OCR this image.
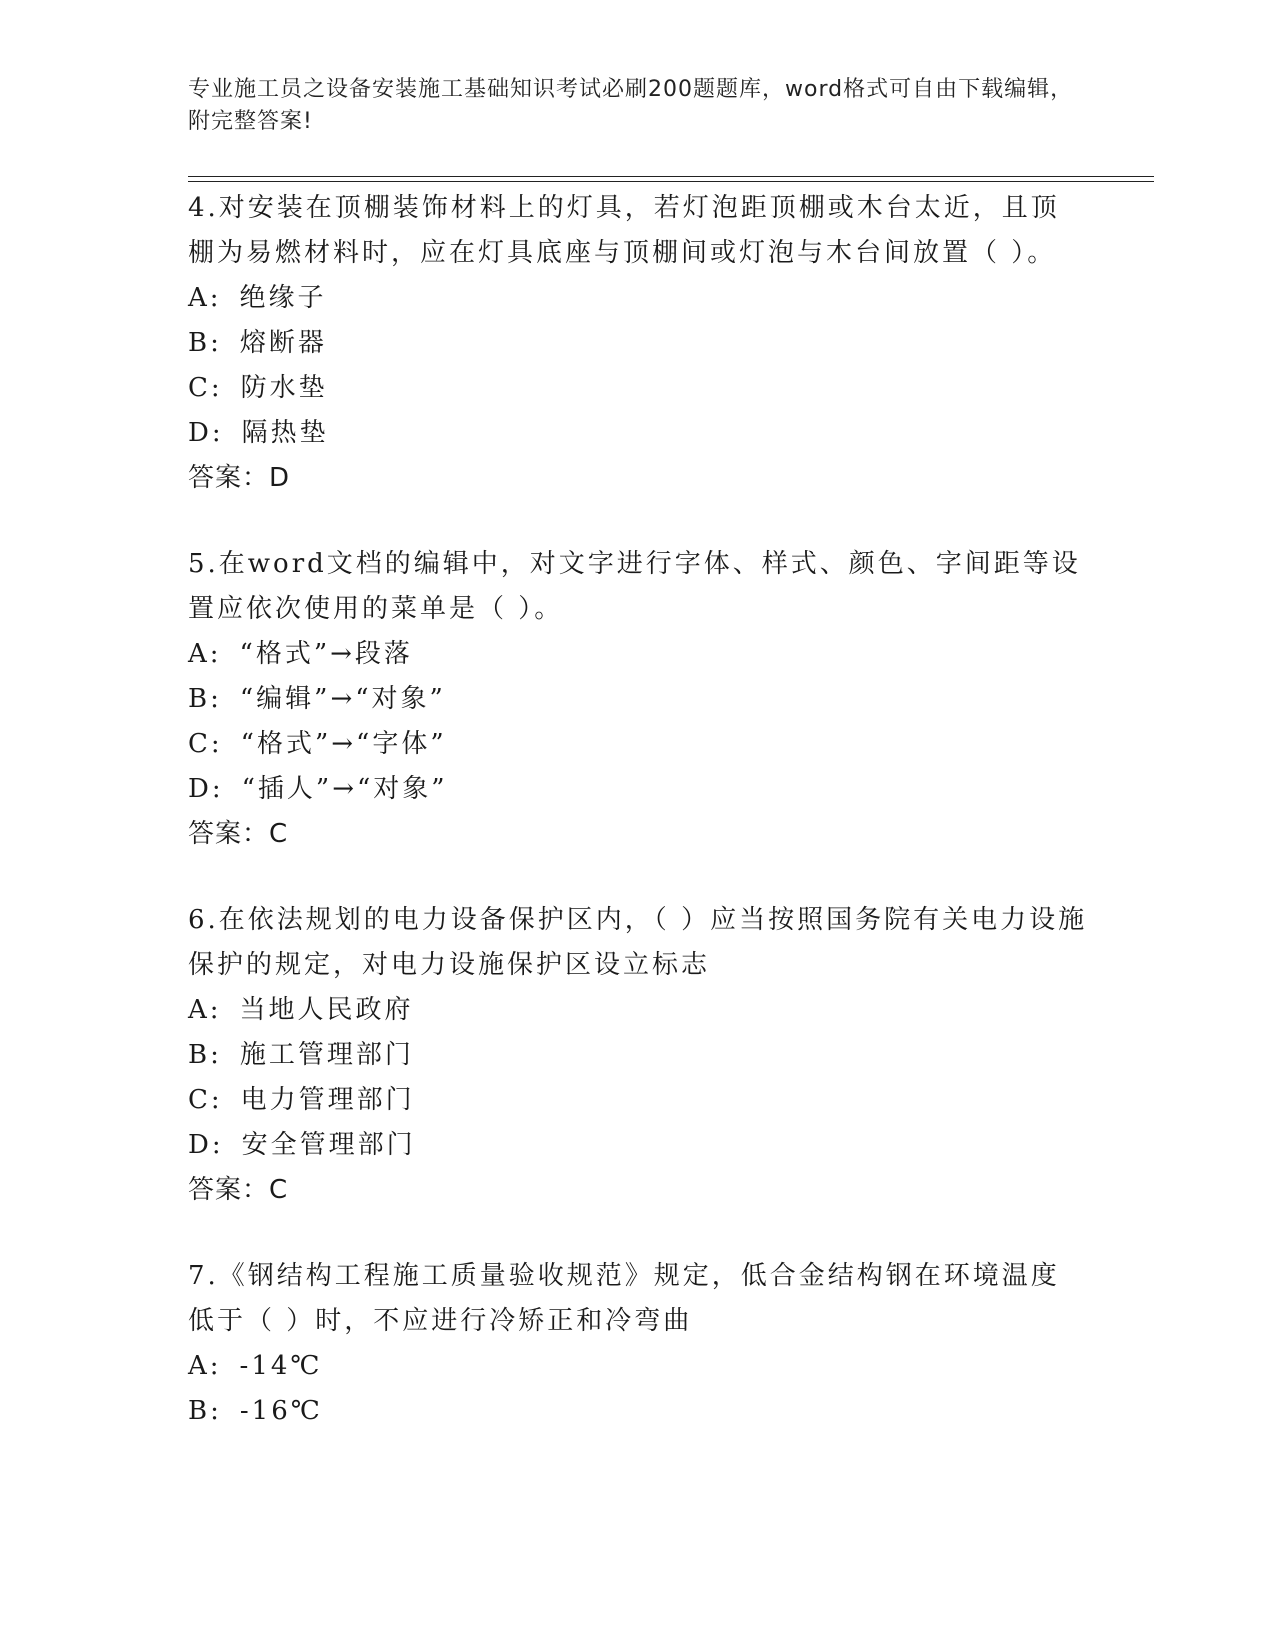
专业施工员之设备安装施工基础知识考试必刷200题题库，word格式可自由下载编辑，附完整答案!

4.对安装在顶棚装饰材料上的灯具，若灯泡距顶棚或木台太近，且顶棚为易燃材料时，应在灯具底座与顶棚间或灯泡与木台间放置（ ）。

A: 绝缘子

B: 熔断器

C: 防水垫

D: 隔热垫

答案：D

5.在word文档的编辑中，对文字进行字体、样式、颜色、字间距等设置应依次使用的菜单是（ ）。

A: “格式”→段落

B: “编辑”→“对象”

C: “格式”→“字体”

D: “插人”→“对象”

答案：C

6.在依法规划的电力设备保护区内，（ ）应当按照国务院有关电力设施保护的规定，对电力设施保护区设立标志

A: 当地人民政府

B: 施工管理部门

C: 电力管理部门

D: 安全管理部门

答案：C

7.《钢结构工程施工质量验收规范》规定，低合金结构钢在环境温度低于（ ）时，不应进行冷矫正和冷弯曲

A: -14℃

B: -16℃
